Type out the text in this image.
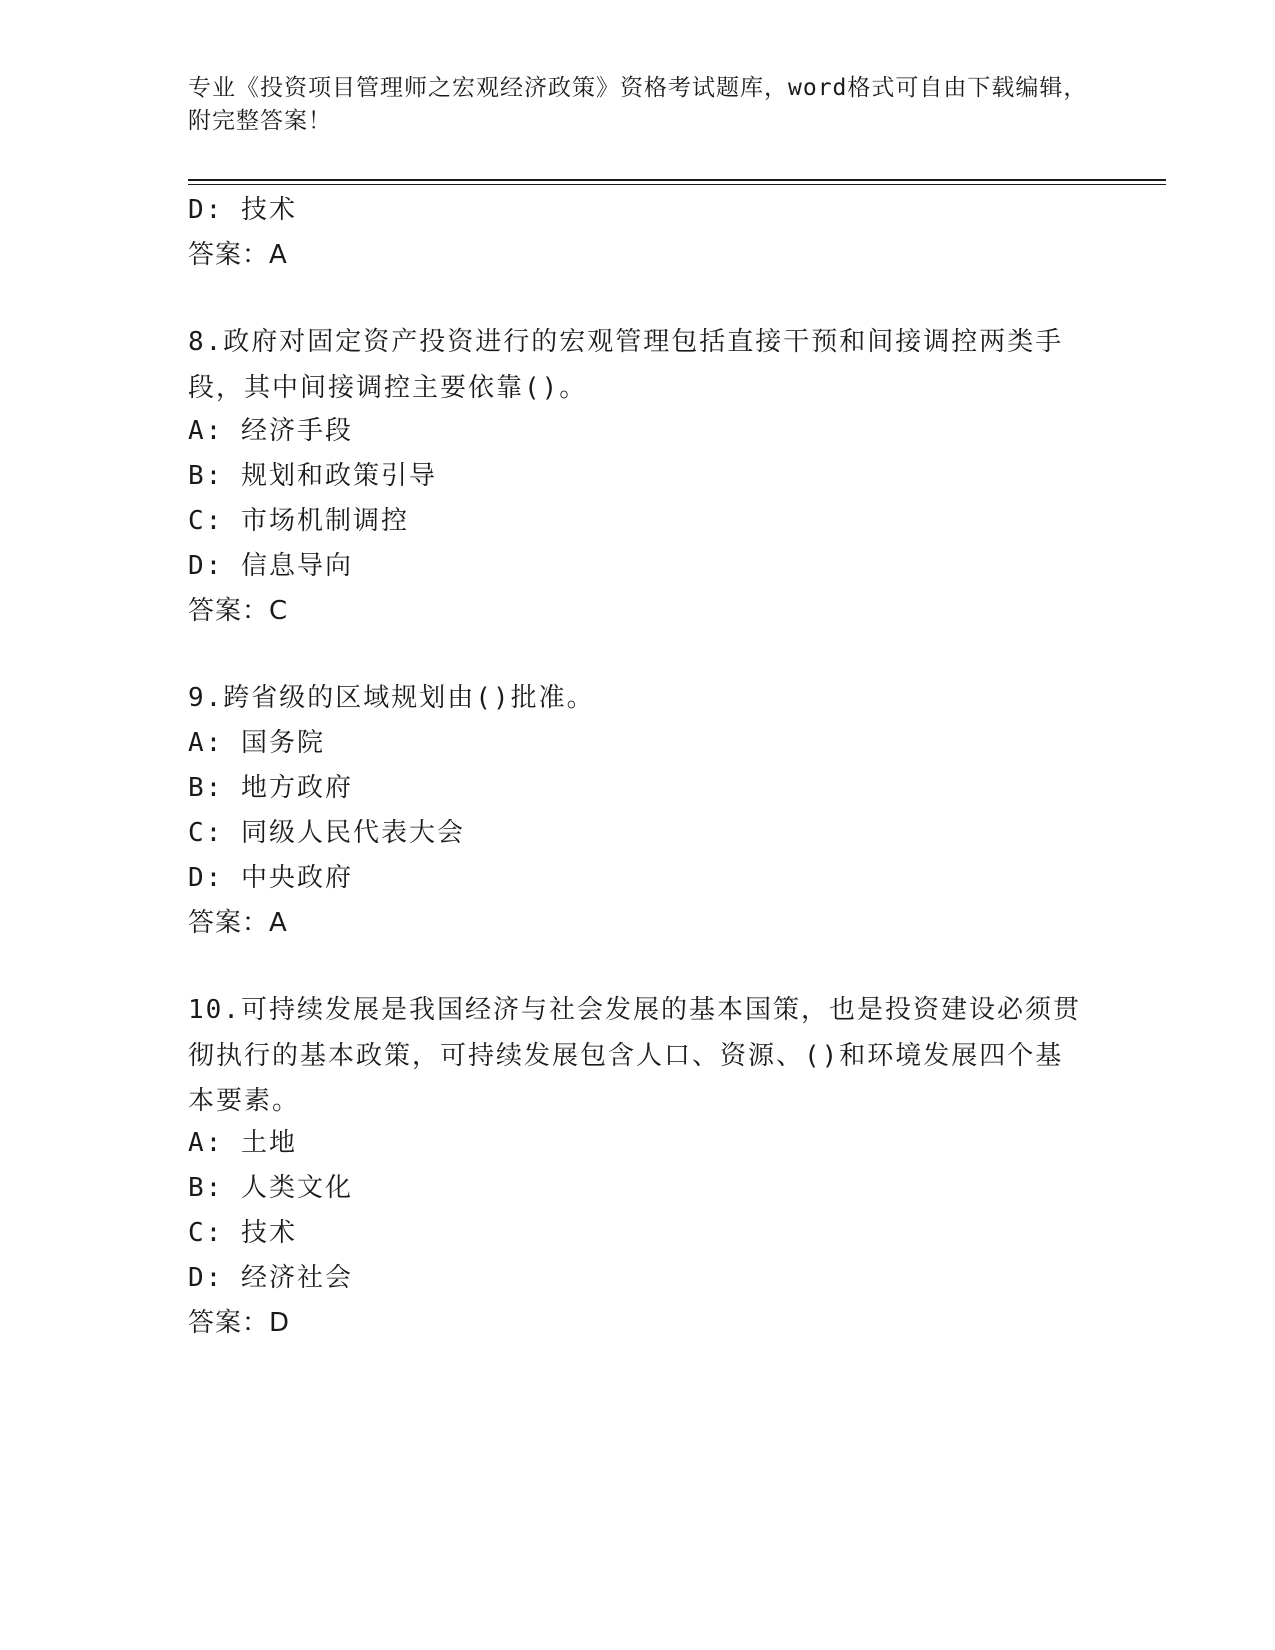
专业《投资项目管理师之宏观经济政策》资格考试题库，word格式可自由下载编辑，附完整答案！
D: 技术
答案：A
8.政府对固定资产投资进行的宏观管理包括直接干预和间接调控两类手段，其中间接调控主要依靠()。
A: 经济手段
B: 规划和政策引导
C: 市场机制调控
D: 信息导向
答案：C
9.跨省级的区域规划由()批准。
A: 国务院
B: 地方政府
C: 同级人民代表大会
D: 中央政府
答案：A
10.可持续发展是我国经济与社会发展的基本国策，也是投资建设必须贯彻执行的基本政策，可持续发展包含人口、资源、()和环境发展四个基本要素。
A: 土地
B: 人类文化
C: 技术
D: 经济社会
答案：D
